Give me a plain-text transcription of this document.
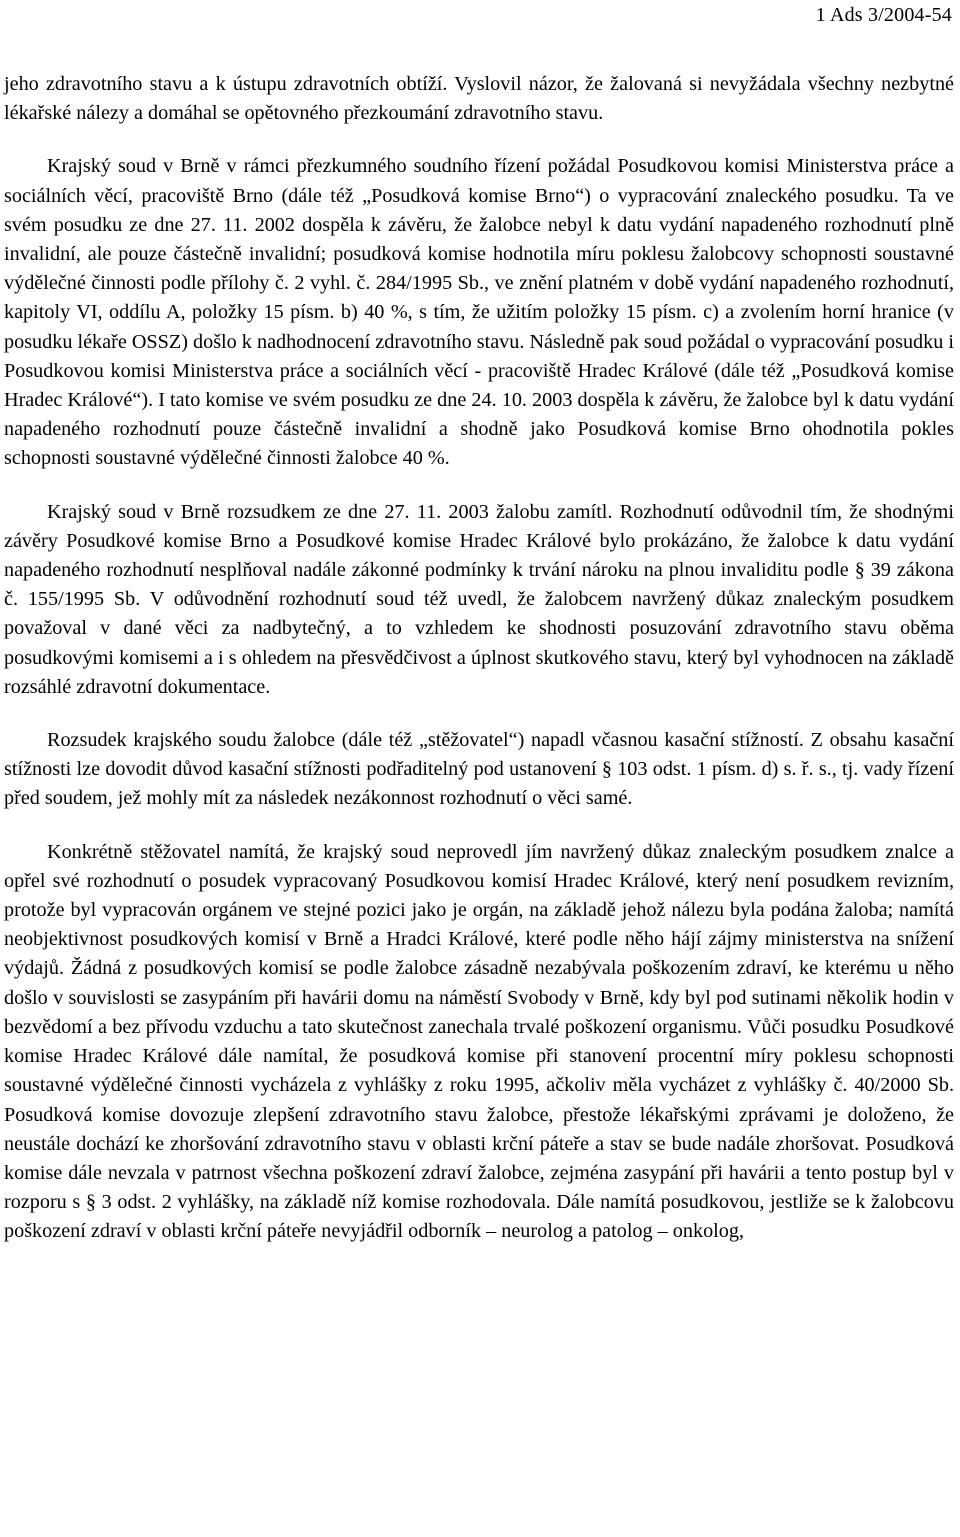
1 Ads 3/2004-54

jeho zdravotního stavu a k ústupu zdravotních obtíží. Vyslovil názor, že žalovaná si nevyžádala všechny nezbytné lékařské nálezy a domáhal se opětovného přezkoumání zdravotního stavu.

Krajský soud v Brně v rámci přezkumného soudního řízení požádal Posudkovou komisi Ministerstva práce a sociálních věcí, pracoviště Brno (dále též „Posudková komise Brno“) o vypracování znaleckého posudku. Ta ve svém posudku ze dne 27. 11. 2002 dospěla k závěru, že žalobce nebyl k datu vydání napadeného rozhodnutí plně invalidní, ale pouze částečně invalidní; posudková komise hodnotila míru poklesu žalobcovy schopnosti soustavné výdělečné činnosti podle přílohy č. 2 vyhl. č. 284/1995 Sb., ve znění platném v době vydání napadeného rozhodnutí, kapitoly VI, oddílu A, položky 15 písm. b) 40 %, s tím, že užitím položky 15 písm. c) a zvolením horní hranice (v posudku lékaře OSSZ) došlo k nadhodnocení zdravotního stavu. Následně pak soud požádal o vypracování posudku i Posudkovou komisi Ministerstva práce a sociálních věcí - pracoviště Hradec Králové (dále též „Posudková komise Hradec Králové“). I tato komise ve svém posudku ze dne 24. 10. 2003 dospěla k závěru, že žalobce byl k datu vydání napadeného rozhodnutí pouze částečně invalidní a shodně jako Posudková komise Brno ohodnotila pokles schopnosti soustavné výdělečné činnosti žalobce 40 %.

Krajský soud v Brně rozsudkem ze dne 27. 11. 2003 žalobu zamítl. Rozhodnutí odůvodnil tím, že shodnými závěry Posudkové komise Brno a Posudkové komise Hradec Králové bylo prokázáno, že žalobce k datu vydání napadeného rozhodnutí nesplňoval nadále zákonné podmínky k trvání nároku na plnou invaliditu podle § 39 zákona č. 155/1995 Sb. V odůvodnění rozhodnutí soud též uvedl, že žalobcem navržený důkaz znaleckým posudkem považoval v dané věci za nadbytečný, a to vzhledem ke shodnosti posuzování zdravotního stavu oběma posudkovými komisemi a i s ohledem na přesvědčivost a úplnost skutkového stavu, který byl vyhodnocen na základě rozsáhlé zdravotní dokumentace.

Rozsudek krajského soudu žalobce (dále též „stěžovatel“) napadl včasnou kasační stížností. Z obsahu kasační stížnosti lze dovodit důvod kasační stížnosti podřaditelný pod ustanovení § 103 odst. 1 písm. d) s. ř. s., tj. vady řízení před soudem, jež mohly mít za následek nezákonnost rozhodnutí o věci samé.

Konkrétně stěžovatel namítá, že krajský soud neprovedl jím navržený důkaz znaleckým posudkem znalce a opřel své rozhodnutí o posudek vypracovaný Posudkovou komisí Hradec Králové, který není posudkem revizním, protože byl vypracován orgánem ve stejné pozici jako je orgán, na základě jehož nálezu byla podána žaloba; namítá neobjektivnost posudkových komisí v Brně a Hradci Králové, které podle něho hájí zájmy ministerstva na snížení výdajů. Žádná z posudkových komisí se podle žalobce zásadně nezabývala poškozením zdraví, ke kterému u něho došlo v souvislosti se zasypáním při havárii domu na náměstí Svobody v Brně, kdy byl pod sutinami několik hodin v bezvědomí a bez přívodu vzduchu a tato skutečnost zanechala trvalé poškození organismu. Vůči posudku Posudkové komise Hradec Králové dále namítal, že posudková komise při stanovení procentní míry poklesu schopnosti soustavné výdělečné činnosti vycházela z vyhlášky z roku 1995, ačkoliv měla vycházet z vyhlášky č. 40/2000 Sb. Posudková komise dovozuje zlepšení zdravotního stavu žalobce, přestože lékařskými zprávami je doloženo, že neustále dochází ke zhoršování zdravotního stavu v oblasti krční páteře a stav se bude nadále zhoršovat. Posudková komise dále nevzala v patrnost všechna poškození zdraví žalobce, zejména zasypání při havárii a tento postup byl v rozporu s § 3 odst. 2 vyhlášky, na základě níž komise rozhodovala. Dále namítá posudkovou, jestliže se k žalobcovu poškození zdraví v oblasti krční páteře nevyjádřil odborník – neurolog a patolog – onkolog,
